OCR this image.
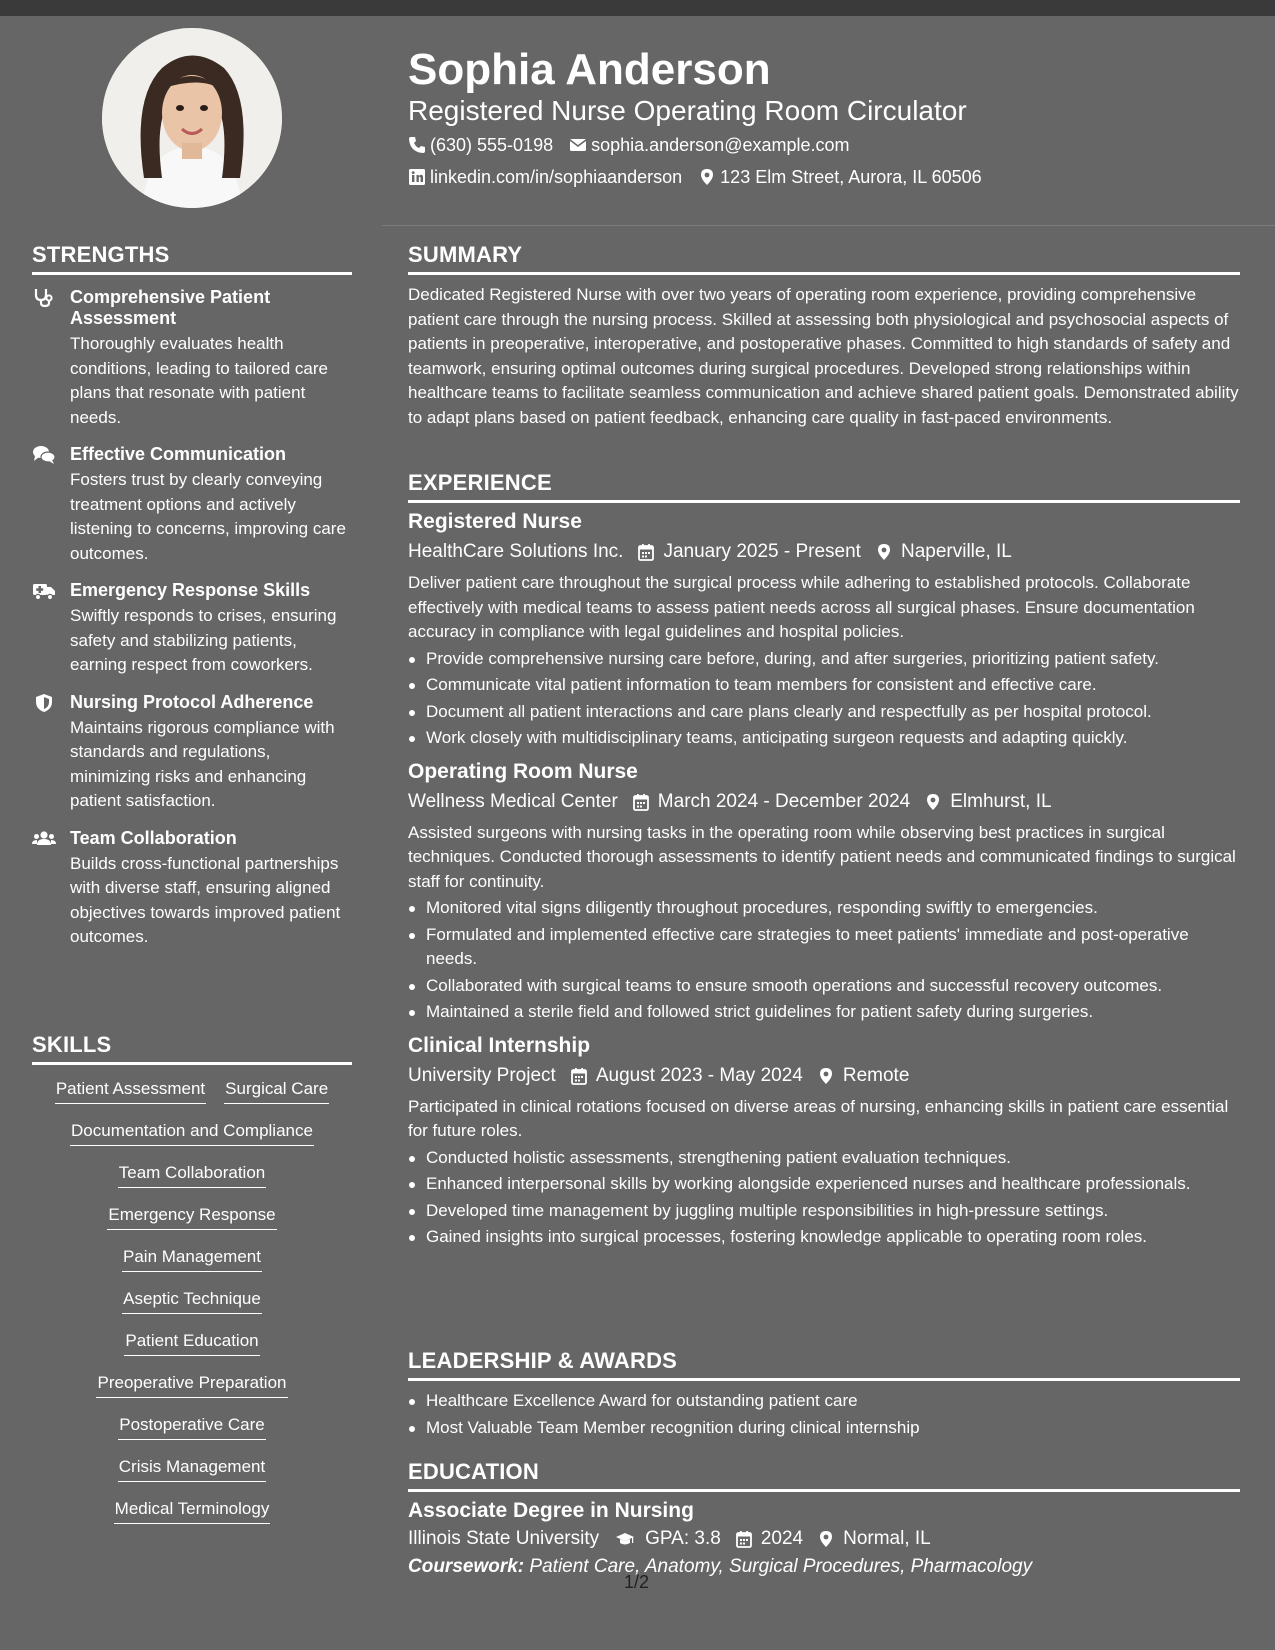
STRENGTHS
Comprehensive Patient Assessment
Thoroughly evaluates health conditions, leading to tailored care plans that resonate with patient needs.
Effective Communication
Fosters trust by clearly conveying treatment options and actively listening to concerns, improving care outcomes.
Emergency Response Skills
Swiftly responds to crises, ensuring safety and stabilizing patients, earning respect from coworkers.
Nursing Protocol Adherence
Maintains rigorous compliance with standards and regulations, minimizing risks and enhancing patient satisfaction.
Team Collaboration
Builds cross-functional partnerships with diverse staff, ensuring aligned objectives towards improved patient outcomes.
SKILLS
Patient Assessment Surgical Care
Documentation and Compliance
Team Collaboration
Emergency Response
Pain Management
Aseptic Technique
Patient Education
Preoperative Preparation
Postoperative Care
Crisis Management
Medical Terminology
Sophia Anderson
Registered Nurse Operating Room Circulator
(630) 555-0198 sophia.anderson@example.com
linkedin.com/in/sophiaanderson 123 Elm Street, Aurora, IL 60506
SUMMARY

Dedicated Registered Nurse with over two years of operating room experience, providing comprehensive patient care through the nursing process. Skilled at assessing both physiological and psychosocial aspects of patients in preoperative, interoperative, and postoperative phases. Committed to high standards of safety and teamwork, ensuring optimal outcomes during surgical procedures. Developed strong relationships within healthcare teams to facilitate seamless communication and achieve shared patient goals. Demonstrated ability to adapt plans based on patient feedback, enhancing care quality in fast-paced environments.

EXPERIENCE
Registered Nurse
HealthCare Solutions Inc. January 2025 - Present Naperville, IL

Deliver patient care throughout the surgical process while adhering to established protocols. Collaborate effectively with medical teams to assess patient needs across all surgical phases. Ensure documentation accuracy in compliance with legal guidelines and hospital policies.

Provide comprehensive nursing care before, during, and after surgeries, prioritizing patient safety.
Communicate vital patient information to team members for consistent and effective care.
Document all patient interactions and care plans clearly and respectfully as per hospital protocol.
Work closely with multidisciplinary teams, anticipating surgeon requests and adapting quickly.
Operating Room Nurse
Wellness Medical Center March 2024 - December 2024 Elmhurst, IL

Assisted surgeons with nursing tasks in the operating room while observing best practices in surgical techniques. Conducted thorough assessments to identify patient needs and communicated findings to surgical staff for continuity.

Monitored vital signs diligently throughout procedures, responding swiftly to emergencies.
Formulated and implemented effective care strategies to meet patients' immediate and post-operative needs.
Collaborated with surgical teams to ensure smooth operations and successful recovery outcomes.
Maintained a sterile field and followed strict guidelines for patient safety during surgeries.
Clinical Internship
University Project August 2023 - May 2024 Remote

Participated in clinical rotations focused on diverse areas of nursing, enhancing skills in patient care essential for future roles.

Conducted holistic assessments, strengthening patient evaluation techniques.
Enhanced interpersonal skills by working alongside experienced nurses and healthcare professionals.
Developed time management by juggling multiple responsibilities in high-pressure settings.
Gained insights into surgical processes, fostering knowledge applicable to operating room roles.
LEADERSHIP & AWARDS
Healthcare Excellence Award for outstanding patient care
Most Valuable Team Member recognition during clinical internship
EDUCATION
Associate Degree in Nursing
Illinois State University GPA: 3.8 2024 Normal, IL
Coursework: Patient Care, Anatomy, Surgical Procedures, Pharmacology
1/2
